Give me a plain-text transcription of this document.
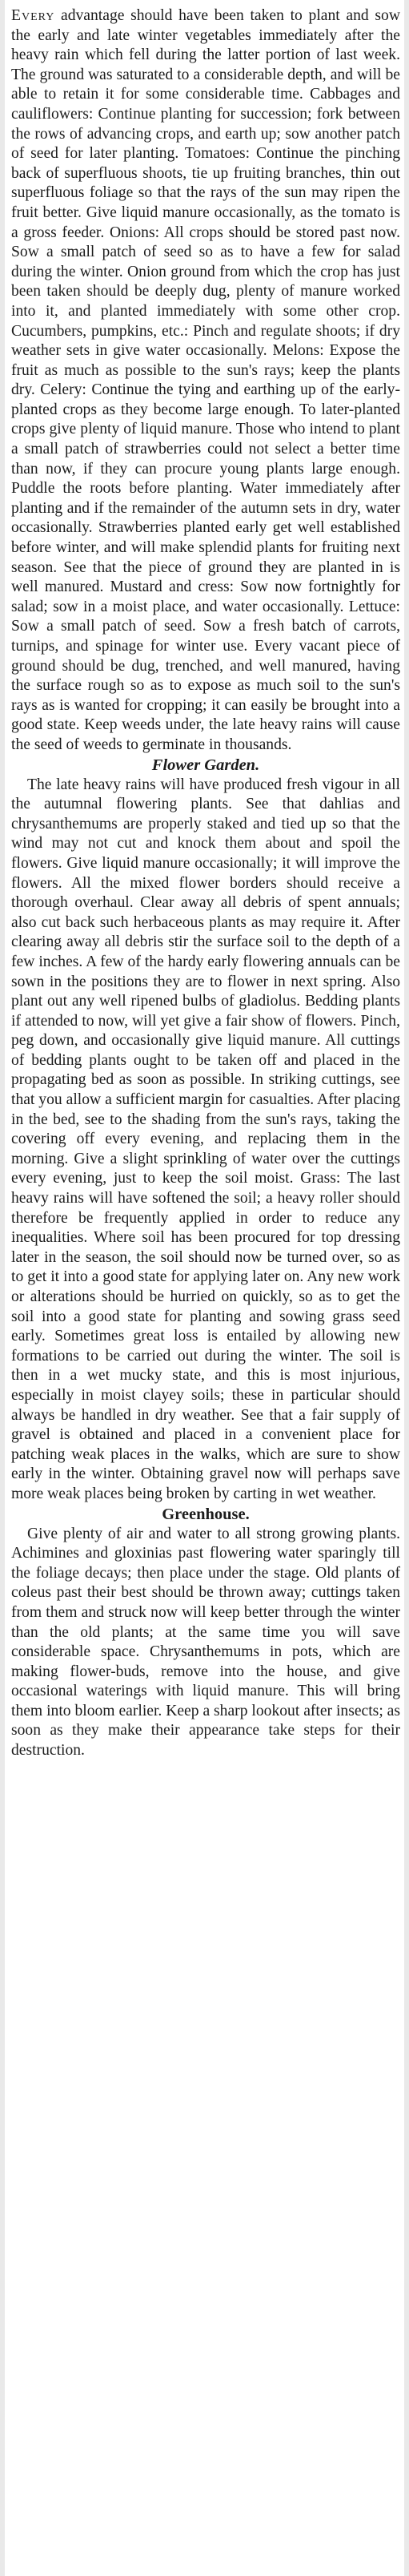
Every advantage should have been taken to plant and sow the early and late winter vegetables immediately after the heavy rain which fell during the latter portion of last week. The ground was saturated to a considerable depth, and will be able to retain it for some considerable time. Cabbages and cauliflowers: Continue planting for succession; fork between the rows of advancing crops, and earth up; sow another patch of seed for later planting. Tomatoes: Continue the pinching back of superfluous shoots, tie up fruiting branches, thin out superfluous foliage so that the rays of the sun may ripen the fruit better. Give liquid manure occasionally, as the tomato is a gross feeder. Onions: All crops should be stored past now. Sow a small patch of seed so as to have a few for salad during the winter. Onion ground from which the crop has just been taken should be deeply dug, plenty of manure worked into it, and planted immediately with some other crop. Cucumbers, pumpkins, etc.: Pinch and regulate shoots; if dry weather sets in give water occasionally. Melons: Expose the fruit as much as possible to the sun's rays; keep the plants dry. Celery: Continue the tying and earthing up of the early-planted crops as they become large enough. To later-planted crops give plenty of liquid manure. Those who intend to plant a small patch of strawberries could not select a better time than now, if they can procure young plants large enough. Puddle the roots before planting. Water immediately after planting and if the remainder of the autumn sets in dry, water occasionally. Strawberries planted early get well established before winter, and will make splendid plants for fruiting next season. See that the piece of ground they are planted in is well manured. Mustard and cress: Sow now fortnightly for salad; sow in a moist place, and water occasionally. Lettuce: Sow a small patch of seed. Sow a fresh batch of carrots, turnips, and spinage for winter use. Every vacant piece of ground should be dug, trenched, and well manured, having the surface rough so as to expose as much soil to the sun's rays as is wanted for cropping; it can easily be brought into a good state. Keep weeds under, the late heavy rains will cause the seed of weeds to germinate in thousands.

Flower Garden.

The late heavy rains will have produced fresh vigour in all the autumnal flowering plants. See that dahlias and chrysanthemums are properly staked and tied up so that the wind may not cut and knock them about and spoil the flowers. Give liquid manure occasionally; it will improve the flowers. All the mixed flower borders should receive a thorough overhaul. Clear away all debris of spent annuals; also cut back such herbaceous plants as may require it. After clearing away all debris stir the surface soil to the depth of a few inches. A few of the hardy early flowering annuals can be sown in the positions they are to flower in next spring. Also plant out any well ripened bulbs of gladiolus. Bedding plants if attended to now, will yet give a fair show of flowers. Pinch, peg down, and occasionally give liquid manure. All cuttings of bedding plants ought to be taken off and placed in the propagating bed as soon as possible. In striking cuttings, see that you allow a sufficient margin for casualties. After placing in the bed, see to the shading from the sun's rays, taking the covering off every evening, and replacing them in the morning. Give a slight sprinkling of water over the cuttings every evening, just to keep the soil moist. Grass: The last heavy rains will have softened the soil; a heavy roller should therefore be frequently applied in order to reduce any inequalities. Where soil has been procured for top dressing later in the season, the soil should now be turned over, so as to get it into a good state for applying later on. Any new work or alterations should be hurried on quickly, so as to get the soil into a good state for planting and sowing grass seed early. Sometimes great loss is entailed by allowing new formations to be carried out during the winter. The soil is then in a wet mucky state, and this is most injurious, especially in moist clayey soils; these in particular should always be handled in dry weather. See that a fair supply of gravel is obtained and placed in a convenient place for patching weak places in the walks, which are sure to show early in the winter. Obtaining gravel now will perhaps save more weak places being broken by carting in wet weather.

Greenhouse.

Give plenty of air and water to all strong growing plants. Achimines and gloxinias past flowering water sparingly till the foliage decays; then place under the stage. Old plants of coleus past their best should be thrown away; cuttings taken from them and struck now will keep better through the winter than the old plants; at the same time you will save considerable space. Chrysanthemums in pots, which are making flower-buds, remove into the house, and give occasional waterings with liquid manure. This will bring them into bloom earlier. Keep a sharp lookout after insects; as soon as they make their appearance take steps for their destruction.
